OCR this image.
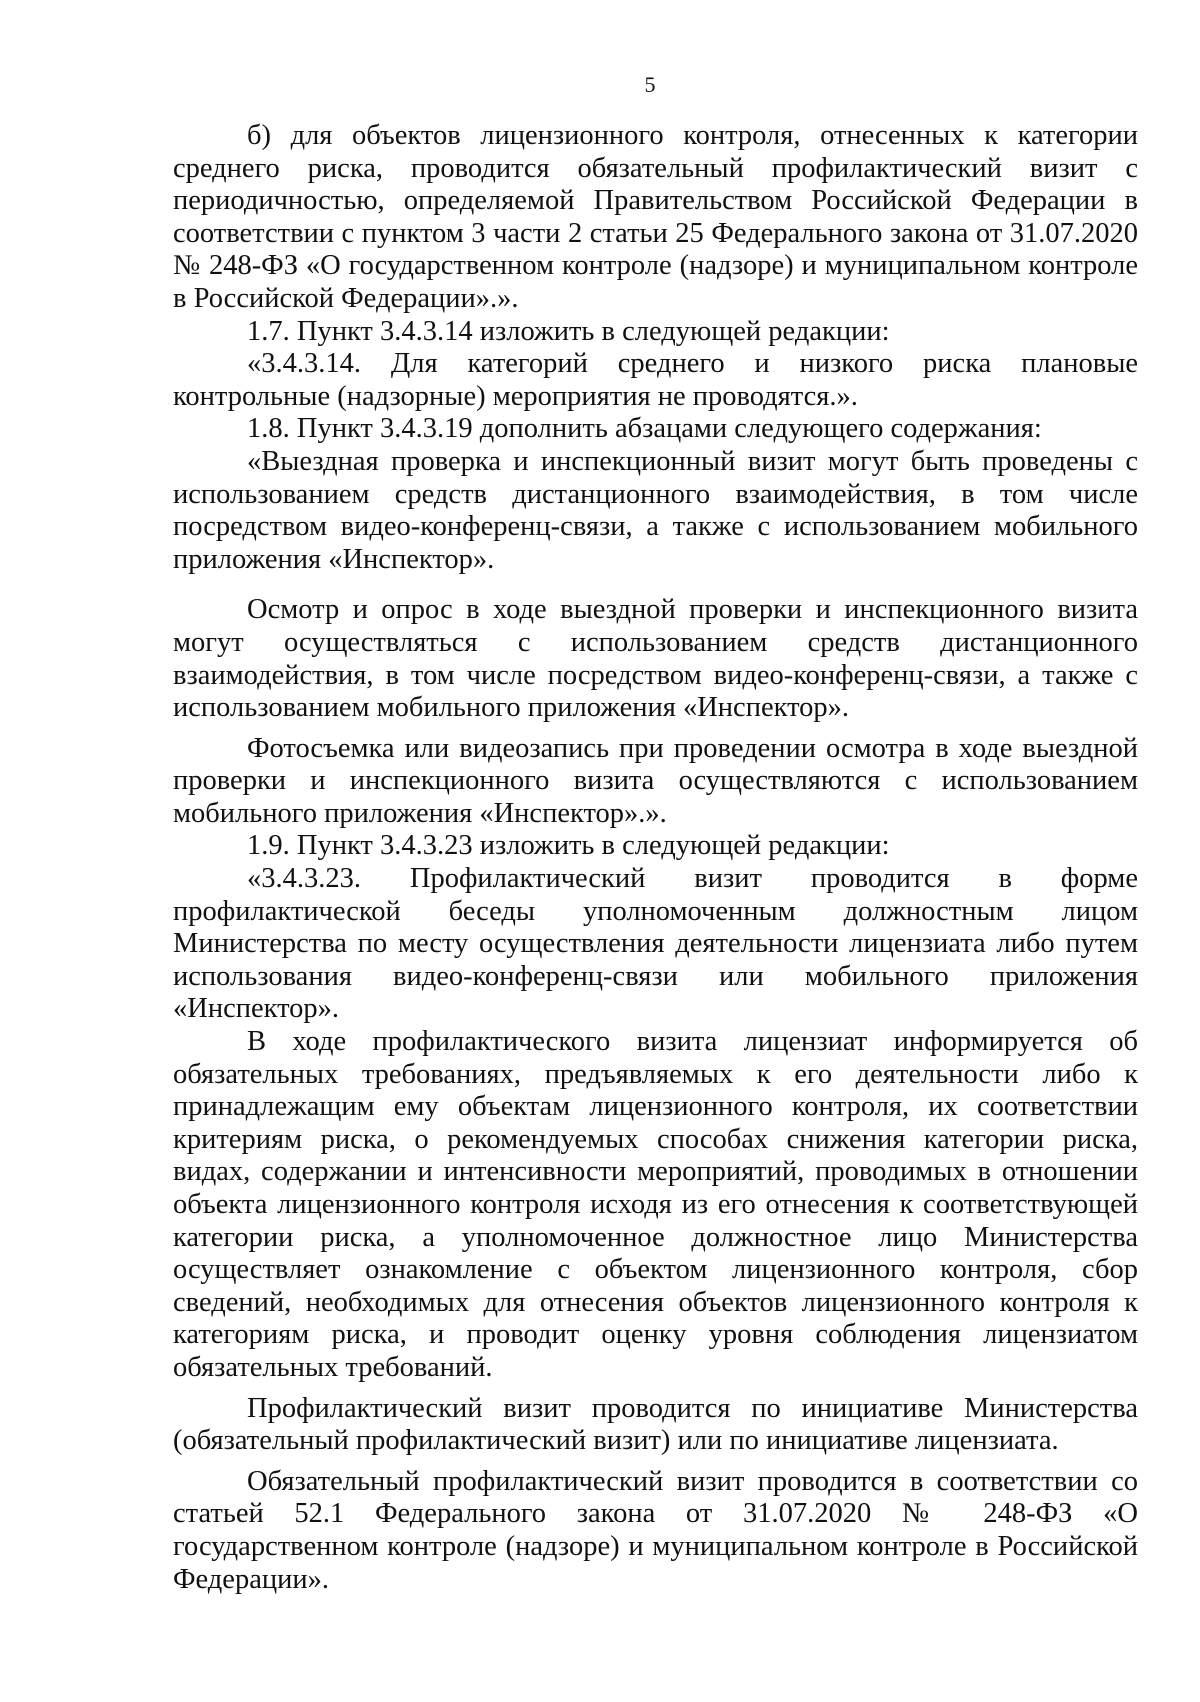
5

б) для объектов лицензионного контроля, отнесенных к категории среднего риска, проводится обязательный профилактический визит с периодичностью, определяемой Правительством Российской Федерации в соответствии с пунктом 3 части 2 статьи 25 Федерального закона от 31.07.2020 № 248-ФЗ «О государственном контроле (надзоре) и муниципальном контроле в Российской Федерации».».

1.7. Пункт 3.4.3.14 изложить в следующей редакции:

«3.4.3.14. Для категорий среднего и низкого риска плановые контрольные (надзорные) мероприятия не проводятся.».

1.8. Пункт 3.4.3.19 дополнить абзацами следующего содержания:

«Выездная проверка и инспекционный визит могут быть проведены с использованием средств дистанционного взаимодействия, в том числе посредством видео-конференц-связи, а также с использованием мобильного приложения «Инспектор».

Осмотр и опрос в ходе выездной проверки и инспекционного визита могут осуществляться с использованием средств дистанционного взаимодействия, в том числе посредством видео-конференц-связи, а также с использованием мобильного приложения «Инспектор».

Фотосъемка или видеозапись при проведении осмотра в ходе выездной проверки и инспекционного визита осуществляются с использованием мобильного приложения «Инспектор».».

1.9. Пункт 3.4.3.23 изложить в следующей редакции:

«3.4.3.23. Профилактический визит проводится в форме профилактической беседы уполномоченным должностным лицом Министерства по месту осуществления деятельности лицензиата либо путем использования видео-конференц-связи или мобильного приложения «Инспектор».

В ходе профилактического визита лицензиат информируется об обязательных требованиях, предъявляемых к его деятельности либо к принадлежащим ему объектам лицензионного контроля, их соответствии критериям риска, о рекомендуемых способах снижения категории риска, видах, содержании и интенсивности мероприятий, проводимых в отношении объекта лицензионного контроля исходя из его отнесения к соответствующей категории риска, а уполномоченное должностное лицо Министерства осуществляет ознакомление с объектом лицензионного контроля, сбор сведений, необходимых для отнесения объектов лицензионного контроля к категориям риска, и проводит оценку уровня соблюдения лицензиатом обязательных требований.

Профилактический визит проводится по инициативе Министерства (обязательный профилактический визит) или по инициативе лицензиата.

Обязательный профилактический визит проводится в соответствии со статьей 52.1 Федерального закона от 31.07.2020 № 248-ФЗ «О государственном контроле (надзоре) и муниципальном контроле в Российской Федерации».
